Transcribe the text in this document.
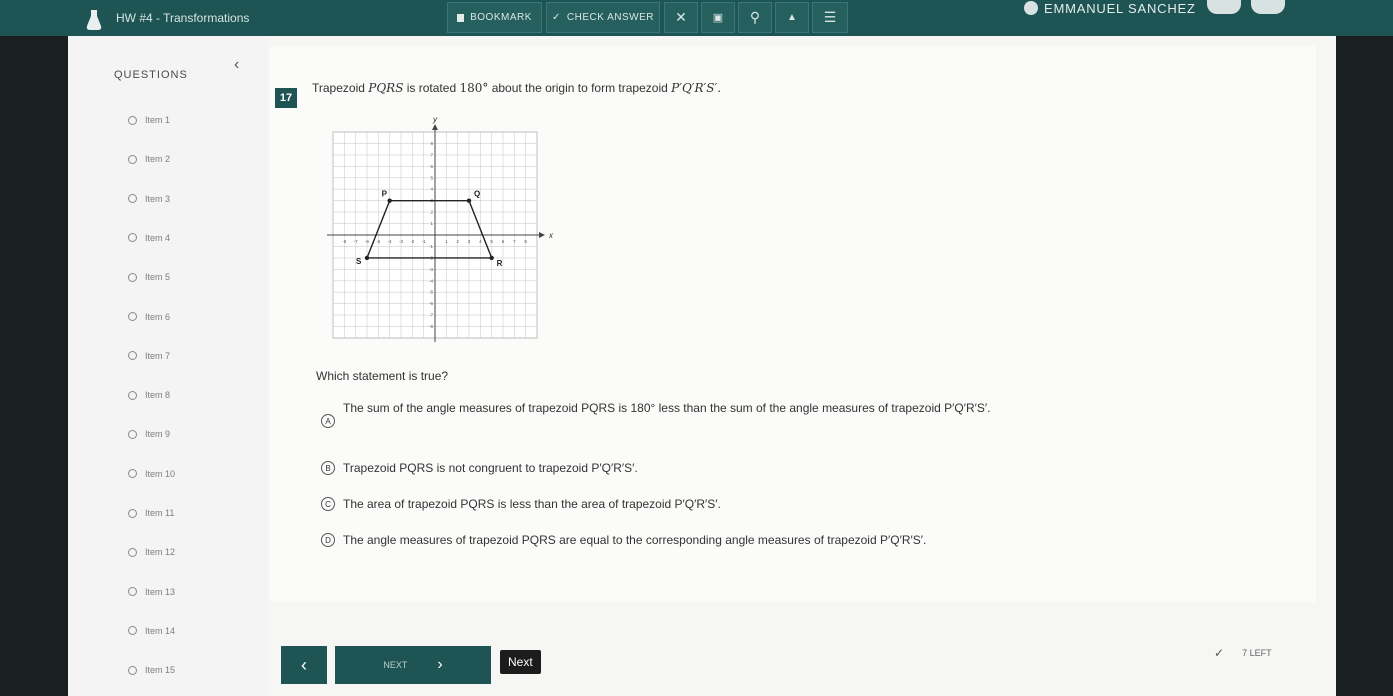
HW #4 - Transformations	BOOKMARK ✓ CHECK ANSWER ✕ ▣ ⚲	▲ ☰
EMMANUEL SANCHEZ
QUESTIONS
‹
Item 1
Item 2
Item 3
Item 4
Item 5
Item 6
Item 7
Item 8
Item 9
Item 10
Item 11
Item 12
Item 13
Item 14
Item 15
17
Trapezoid PQRS is rotated 180° about the origin to form trapezoid P′Q′R′S′.
x
y
-8 -7 -6 -5 -4 -3 -2 -1	1 2 3 4 5 6 7 8
-8
-7
-6
-5
-4
-3
-2
-1
1
2
3
4
5
6
7
8
P	Q
R
S
Which statement is true?
A
The sum of the angle measures of trapezoid PQRS is 180° less than the sum of the angle measures of trapezoid P′Q′R′S′.
B	Trapezoid PQRS is not congruent to trapezoid P′Q′R′S′.
C	The area of trapezoid PQRS is less than the area of trapezoid P′Q′R′S′.
D	The angle measures of trapezoid PQRS are equal to the corresponding angle measures of trapezoid P′Q′R′S′.
‹	NEXT ›	Next
✓ 7 LEFT
